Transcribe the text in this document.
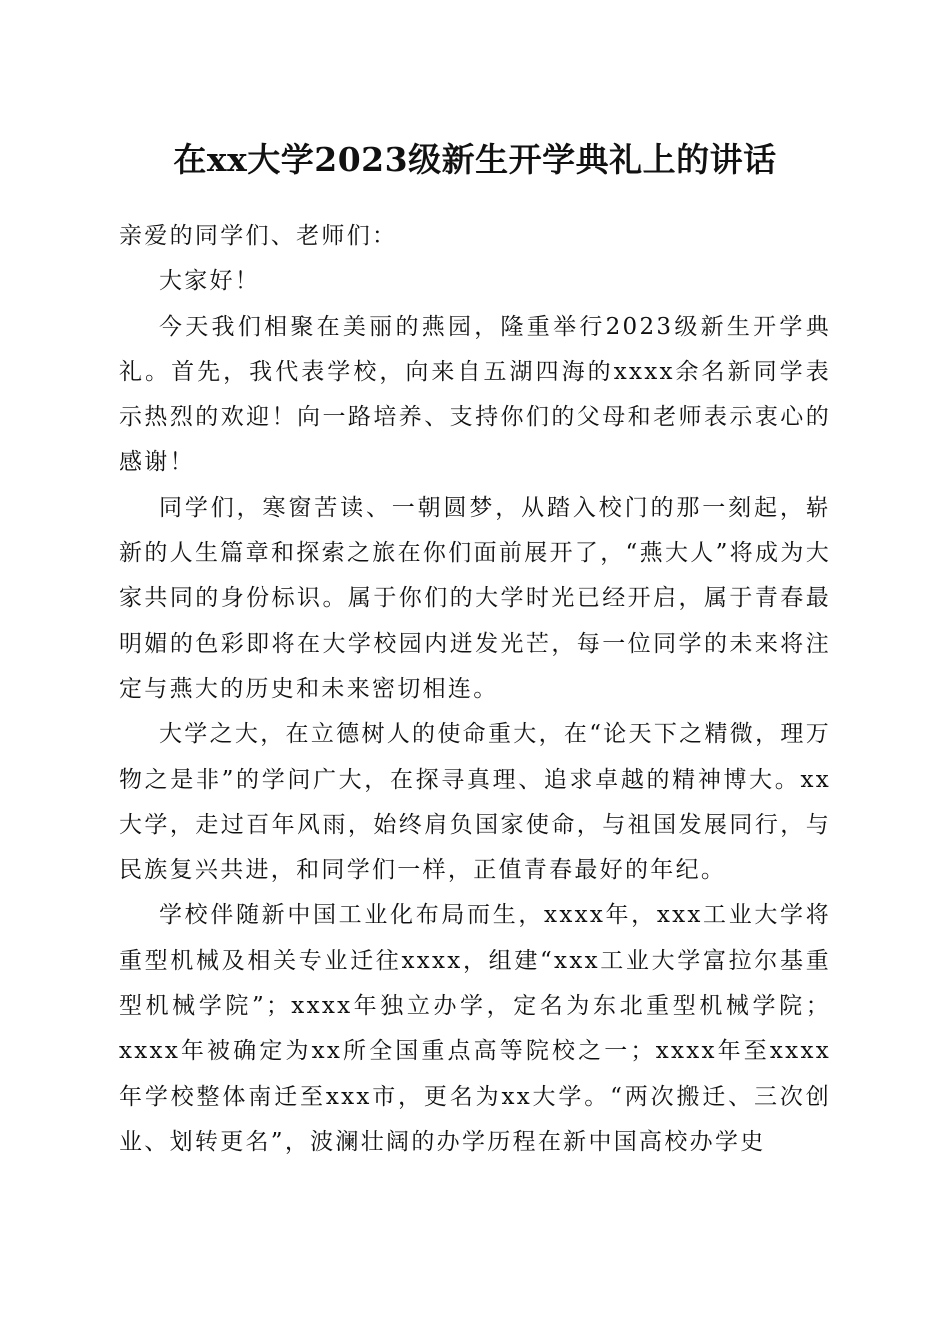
在xx大学2023级新生开学典礼上的讲话

亲爱的同学们、老师们：

大家好！

今天我们相聚在美丽的燕园，隆重举行2023级新生开学典礼。首先，我代表学校，向来自五湖四海的xxxx余名新同学表示热烈的欢迎！向一路培养、支持你们的父母和老师表示衷心的感谢！

同学们，寒窗苦读、一朝圆梦，从踏入校门的那一刻起，崭新的人生篇章和探索之旅在你们面前展开了，“燕大人”将成为大家共同的身份标识。属于你们的大学时光已经开启，属于青春最明媚的色彩即将在大学校园内迸发光芒，每一位同学的未来将注定与燕大的历史和未来密切相连。

大学之大，在立德树人的使命重大，在“论天下之精微，理万物之是非”的学问广大，在探寻真理、追求卓越的精神博大。xx大学，走过百年风雨，始终肩负国家使命，与祖国发展同行，与民族复兴共进，和同学们一样，正值青春最好的年纪。

学校伴随新中国工业化布局而生，xxxx年，xxx工业大学将重型机械及相关专业迁往xxxx，组建“xxx工业大学富拉尔基重型机械学院”；xxxx年独立办学，定名为东北重型机械学院；xxxx年被确定为xx所全国重点高等院校之一；xxxx年至xxxx年学校整体南迁至xxx市，更名为xx大学。“两次搬迁、三次创业、划转更名”，波澜壮阔的办学历程在新中国高校办学史
